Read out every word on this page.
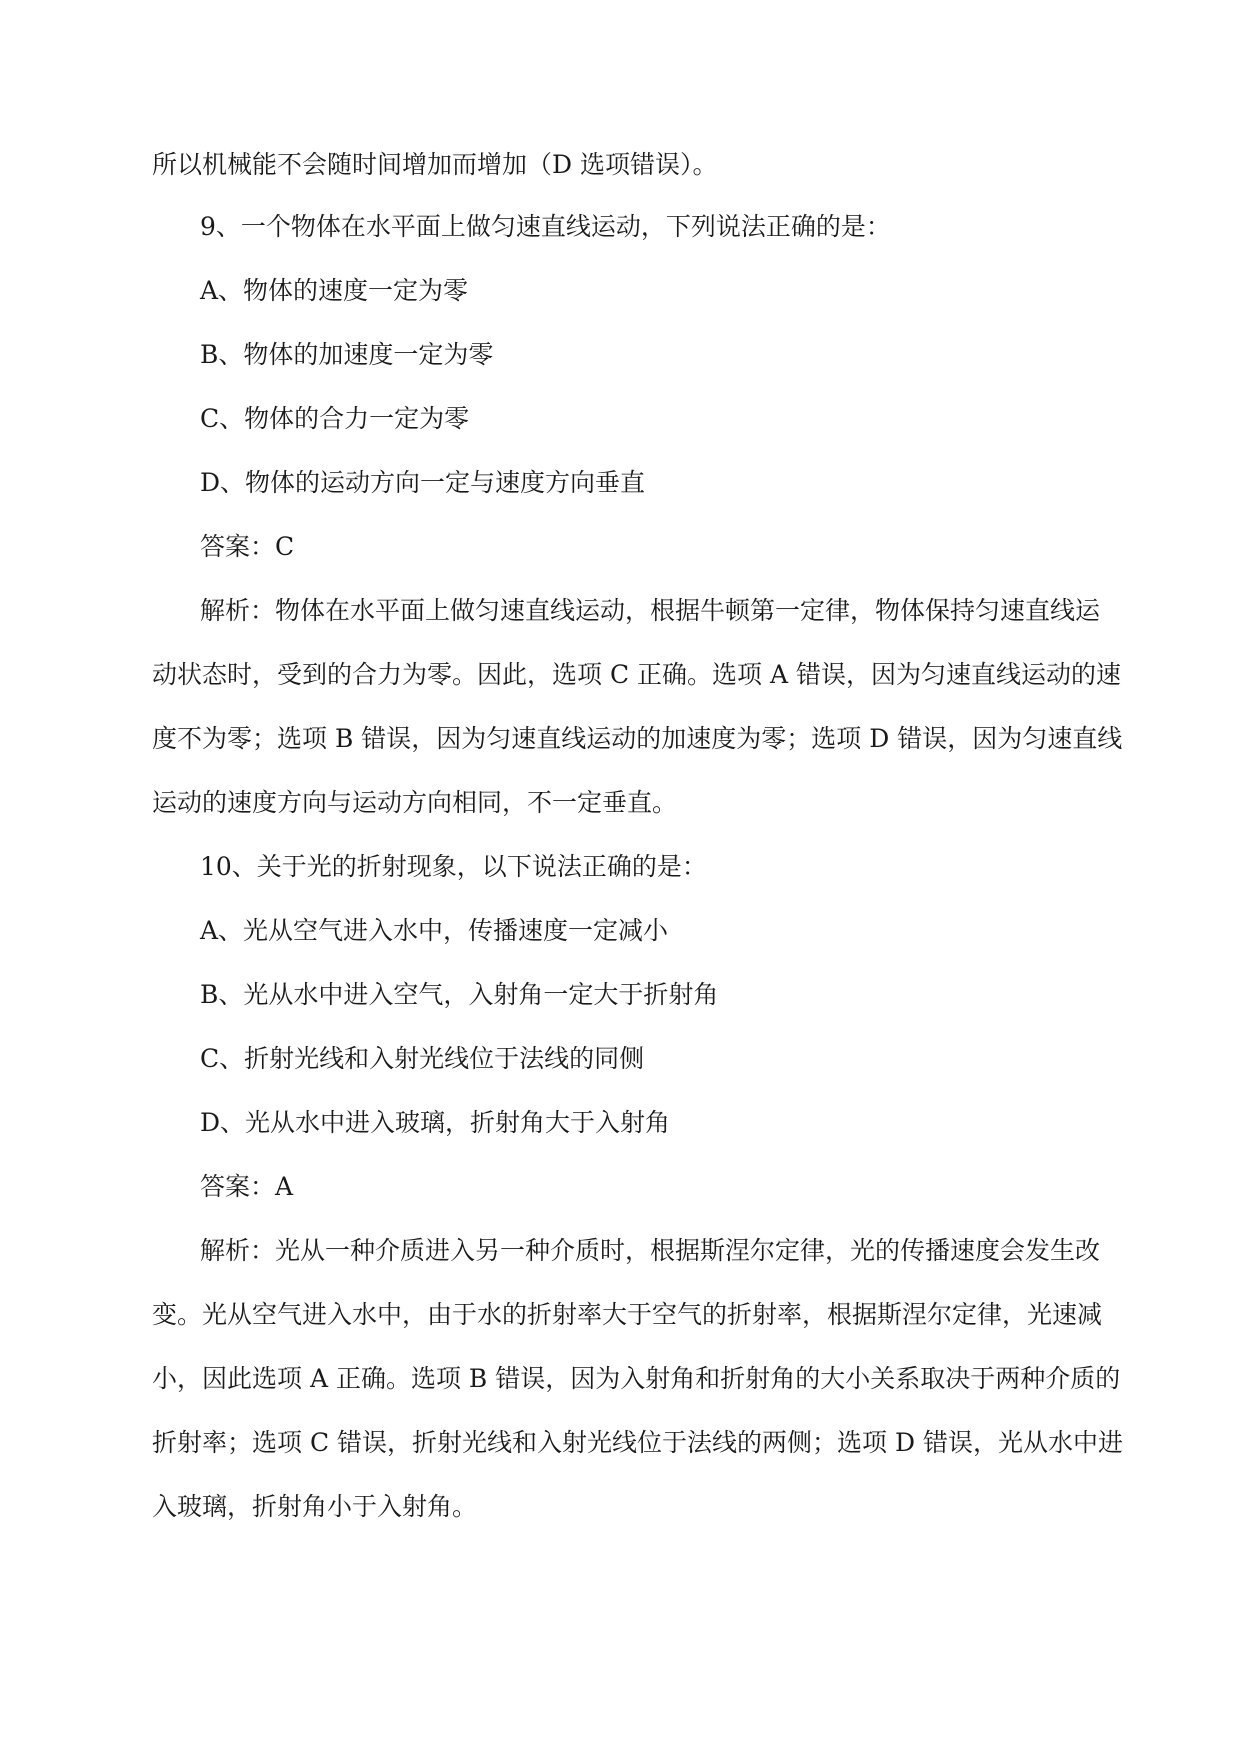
所以机械能不会随时间增加而增加（D 选项错误）。

9、一个物体在水平面上做匀速直线运动，下列说法正确的是：

A、物体的速度一定为零

B、物体的加速度一定为零

C、物体的合力一定为零

D、物体的运动方向一定与速度方向垂直

答案：C

解析：物体在水平面上做匀速直线运动，根据牛顿第一定律，物体保持匀速直线运

动状态时，受到的合力为零。因此，选项 C 正确。选项 A 错误，因为匀速直线运动的速

度不为零；选项 B 错误，因为匀速直线运动的加速度为零；选项 D 错误，因为匀速直线

运动的速度方向与运动方向相同，不一定垂直。

10、关于光的折射现象，以下说法正确的是：

A、光从空气进入水中，传播速度一定减小

B、光从水中进入空气，入射角一定大于折射角

C、折射光线和入射光线位于法线的同侧

D、光从水中进入玻璃，折射角大于入射角

答案：A

解析：光从一种介质进入另一种介质时，根据斯涅尔定律，光的传播速度会发生改

变。光从空气进入水中，由于水的折射率大于空气的折射率，根据斯涅尔定律，光速减

小，因此选项 A 正确。选项 B 错误，因为入射角和折射角的大小关系取决于两种介质的

折射率；选项 C 错误，折射光线和入射光线位于法线的两侧；选项 D 错误，光从水中进

入玻璃，折射角小于入射角。
